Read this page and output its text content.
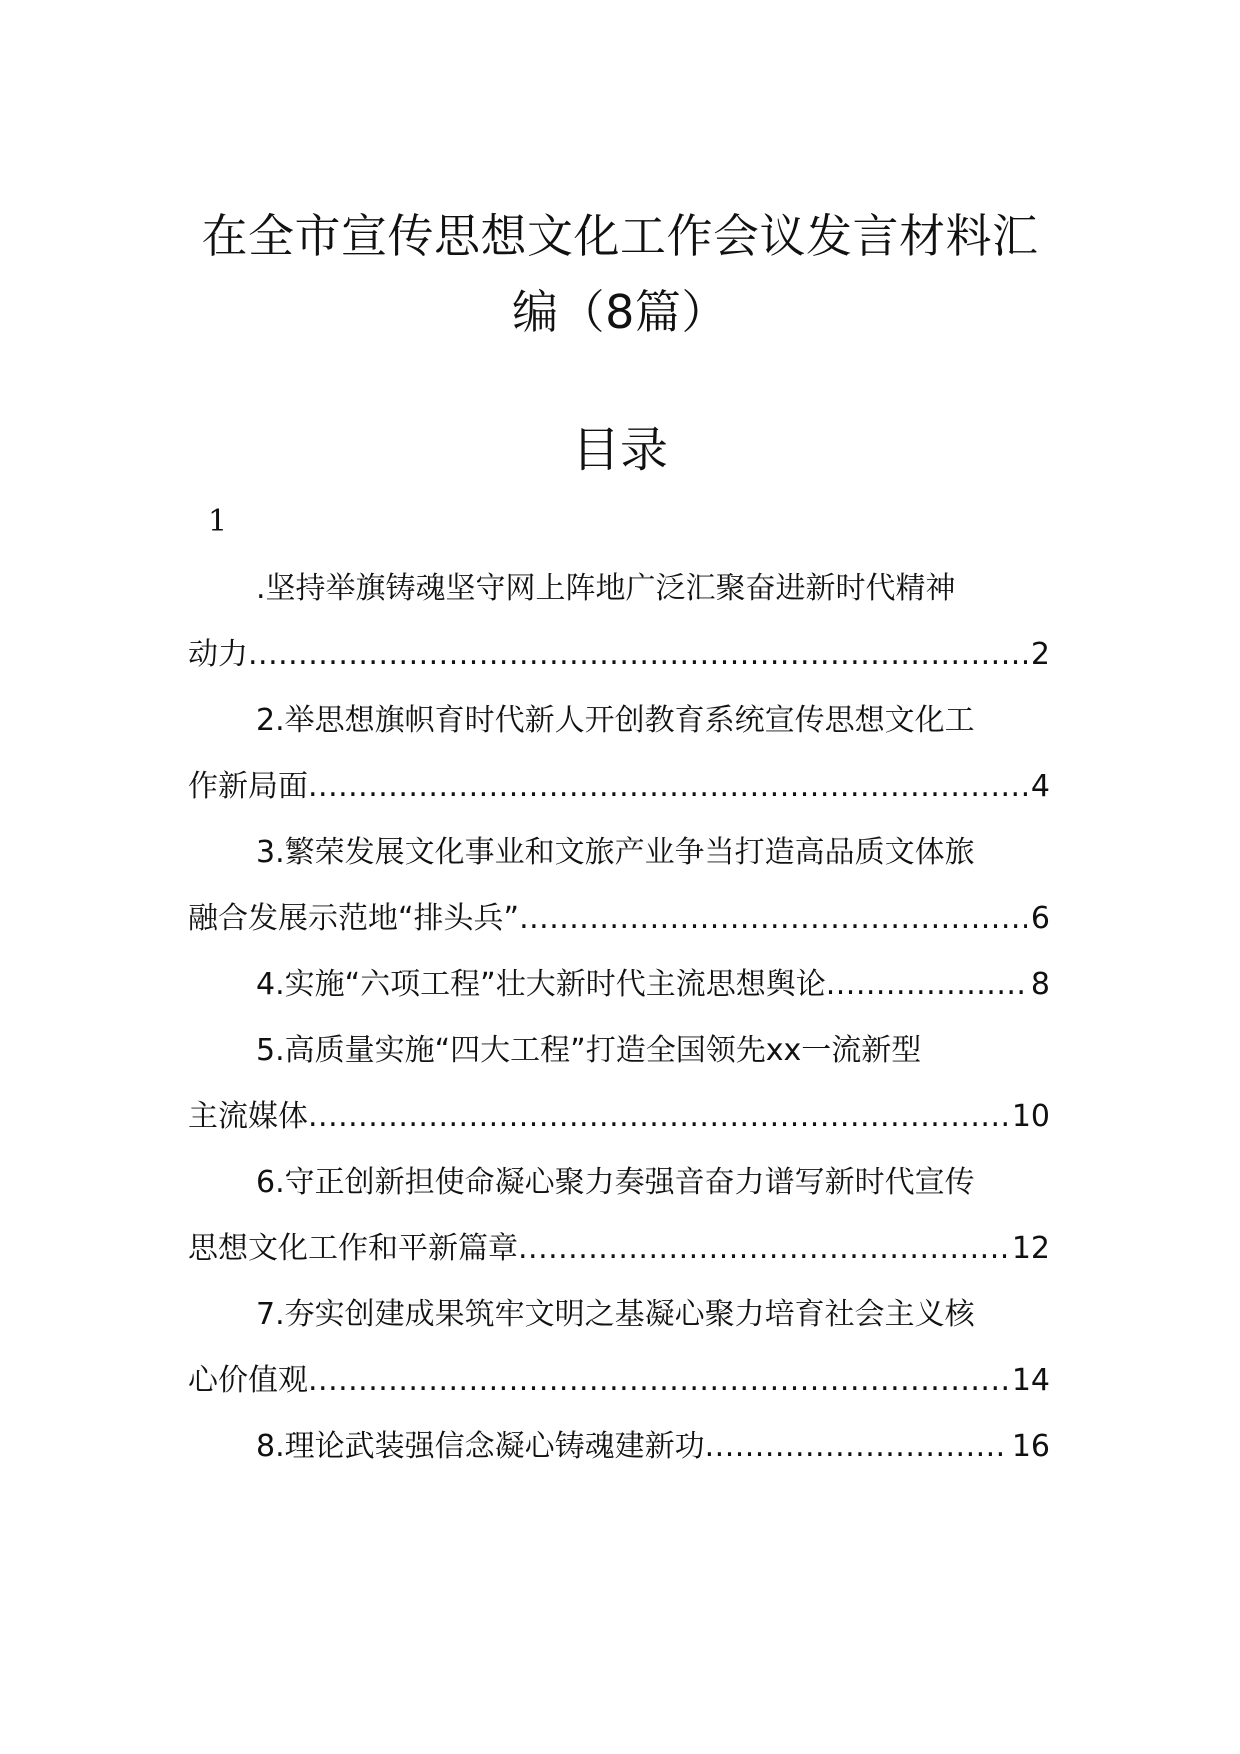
在全市宣传思想文化工作会议发言材料汇编（8篇）
目录
1
.坚持举旗铸魂坚守网上阵地广泛汇聚奋进新时代精神
动力 .....	2
2.举思想旗帜育时代新人开创教育系统宣传思想文化工
作新局面 .....	4
3.繁荣发展文化事业和文旅产业争当打造高品质文体旅
融合发展示范地“排头兵” .....	6
4.实施“六项工程”壮大新时代主流思想舆论 .....	8
5.高质量实施“四大工程”打造全国领先xx一流新型
主流媒体 .....	10
6.守正创新担使命凝心聚力奏强音奋力谱写新时代宣传
思想文化工作和平新篇章 .....	12
7.夯实创建成果筑牢文明之基凝心聚力培育社会主义核
心价值观 .....	14
8.理论武装强信念凝心铸魂建新功 .....	16
